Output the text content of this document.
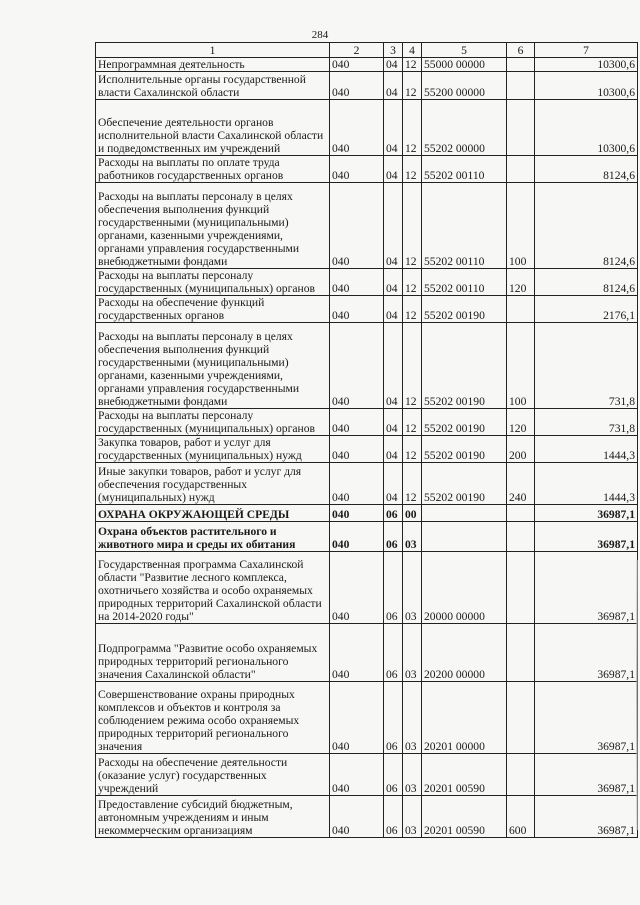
284
1	2	3	4	5	6	7
Непрограммная деятельность	040	04	12	55000 00000		10300,6
Исполнительные органы государственной власти Сахалинской области	040	04	12	55200 00000		10300,6
Обеспечение деятельности органов исполнительной власти Сахалинской области и подведомственных им учреждений	040	04	12	55202 00000		10300,6
Расходы на выплаты по оплате труда работников государственных органов	040	04	12	55202 00110		8124,6
Расходы на выплаты персоналу в целях обеспечения выполнения функций государственными (муниципальными) органами, казенными учреждениями, органами управления государственными внебюджетными фондами	040	04	12	55202 00110	100	8124,6
Расходы на выплаты персоналу государственных (муниципальных) органов	040	04	12	55202 00110	120	8124,6
Расходы на обеспечение функций государственных органов	040	04	12	55202 00190		2176,1
Расходы на выплаты персоналу в целях обеспечения выполнения функций государственными (муниципальными) органами, казенными учреждениями, органами управления государственными внебюджетными фондами	040	04	12	55202 00190	100	731,8
Расходы на выплаты персоналу государственных (муниципальных) органов	040	04	12	55202 00190	120	731,8
Закупка товаров, работ и услуг для государственных (муниципальных) нужд	040	04	12	55202 00190	200	1444,3
Иные закупки товаров, работ и услуг для обеспечения государственных (муниципальных) нужд	040	04	12	55202 00190	240	1444,3
ОХРАНА ОКРУЖАЮЩЕЙ СРЕДЫ	040	06	00			36987,1
Охрана объектов растительного и животного мира и среды их обитания	040	06	03			36987,1
Государственная программа Сахалинской области "Развитие лесного комплекса, охотничьего хозяйства и особо охраняемых природных территорий Сахалинской области на 2014-2020 годы"	040	06	03	20000 00000		36987,1
Подпрограмма "Развитие особо охраняемых природных территорий регионального значения Сахалинской области"	040	06	03	20200 00000		36987,1
Совершенствование охраны природных комплексов и объектов и контроля за соблюдением режима особо охраняемых природных территорий регионального значения	040	06	03	20201 00000		36987,1
Расходы на обеспечение деятельности (оказание услуг) государственных учреждений	040	06	03	20201 00590		36987,1
Предоставление субсидий бюджетным, автономным учреждениям и иным некоммерческим организациям	040	06	03	20201 00590	600	36987,1
